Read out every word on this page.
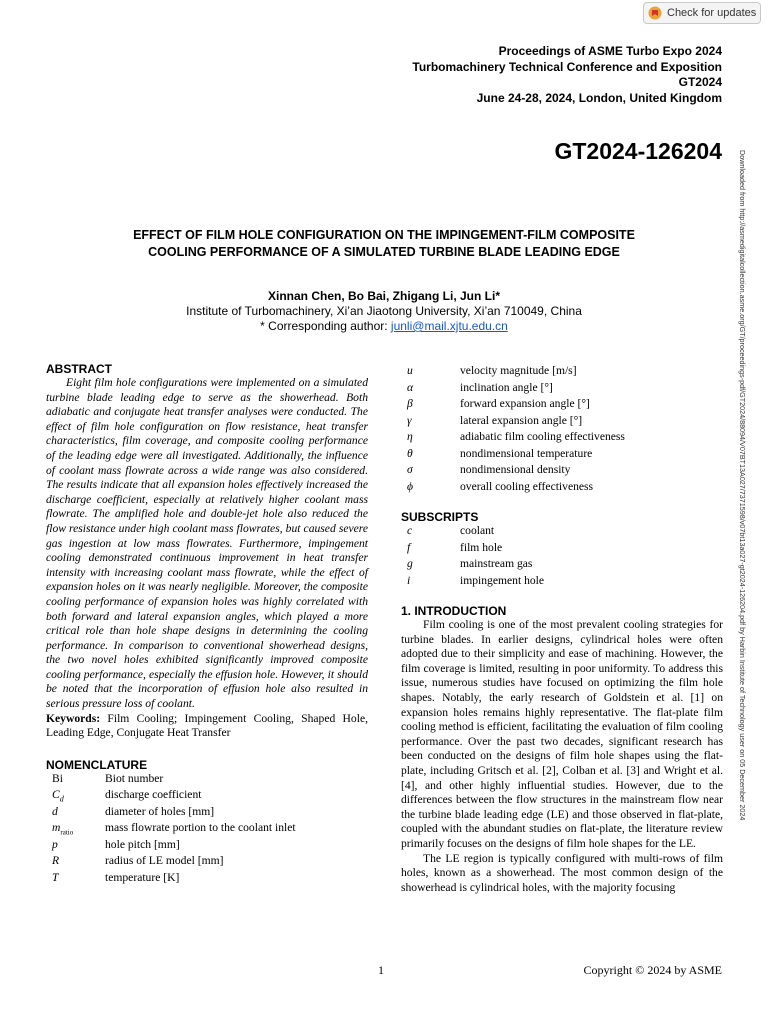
Check for updates
Proceedings of ASME Turbo Expo 2024
Turbomachinery Technical Conference and Exposition
GT2024
June 24-28, 2024, London, United Kingdom
GT2024-126204
EFFECT OF FILM HOLE CONFIGURATION ON THE IMPINGEMENT-FILM COMPOSITE
COOLING PERFORMANCE OF A SIMULATED TURBINE BLADE LEADING EDGE
Xinnan Chen, Bo Bai, Zhigang Li, Jun Li*
Institute of Turbomachinery, Xi’an Jiaotong University, Xi’an 710049, China
* Corresponding author: junli@mail.xjtu.edu.cn	Downloaded from http://asmedigitalcollection.asme.org/GT/proceedings-pdf/GT2024/88094/V07BT13A027/7371598/v07bt13a027-gt2024-126204.pdf by Harbin Institute of Technology user on 05 December 2024
ABSTRACT

Eight film hole configurations were implemented on a simulated turbine blade leading edge to serve as the showerhead. Both adiabatic and conjugate heat transfer analyses were conducted. The effect of film hole configuration on flow resistance, heat transfer characteristics, film coverage, and composite cooling performance of the leading edge were all investigated. Additionally, the influence of coolant mass flowrate across a wide range was also considered. The results indicate that all expansion holes effectively increased the discharge coefficient, especially at relatively higher coolant mass flowrate. The amplified hole and double-jet hole also reduced the flow resistance under high coolant mass flowrates, but caused severe gas ingestion at low mass flowrates. Furthermore, impingement cooling demonstrated continuous improvement in heat transfer intensity with increasing coolant mass flowrate, while the effect of expansion holes on it was nearly negligible. Moreover, the composite cooling performance of expansion holes was highly correlated with both forward and lateral expansion angles, which played a more critical role than hole shape designs in determining the cooling performance. In comparison to conventional showerhead designs, the two novel holes exhibited significantly improved composite cooling performance, especially the effusion hole. However, it should be noted that the incorporation of effusion hole also resulted in serious pressure loss of coolant.

Keywords: Film Cooling; Impingement Cooling, Shaped Hole, Leading Edge, Conjugate Heat Transfer

NOMENCLATURE
Bi	Biot number
$C_d$	discharge coefficient
d	diameter of holes [mm]
$m_{ratio}$	mass flowrate portion to the coolant inlet
p	hole pitch [mm]
R	radius of LE model [mm]
T	temperature [K]
u	velocity magnitude [m/s]
α	inclination angle [°]
β	forward expansion angle [°]
γ	lateral expansion angle [°]
η	adiabatic film cooling effectiveness
θ	nondimensional temperature
σ	nondimensional density
ϕ	overall cooling effectiveness
SUBSCRIPTS
c	coolant
f	film hole
g	mainstream gas
i	impingement hole
1. INTRODUCTION

Film cooling is one of the most prevalent cooling strategies for turbine blades. In earlier designs, cylindrical holes were often adopted due to their simplicity and ease of machining. However, the film coverage is limited, resulting in poor uniformity. To address this issue, numerous studies have focused on optimizing the film hole shapes. Notably, the early research of Goldstein et al. [1] on expansion holes remains highly representative. The flat-plate film cooling method is efficient, facilitating the evaluation of film cooling performance. Over the past two decades, significant research has been conducted on the designs of film hole shapes using the flat-plate, including Gritsch et al. [2], Colban et al. [3] and Wright et al. [4], and other highly influential studies. However, due to the differences between the flow structures in the mainstream flow near the turbine blade leading edge (LE) and those observed in flat-plate, coupled with the abundant studies on flat-plate, the literature review primarily focuses on the designs of film hole shapes for the LE.

The LE region is typically configured with multi-rows of film holes, known as a showerhead. The most common design of the showerhead is cylindrical holes, with the majority focusing

1	Copyright © 2024 by ASME
